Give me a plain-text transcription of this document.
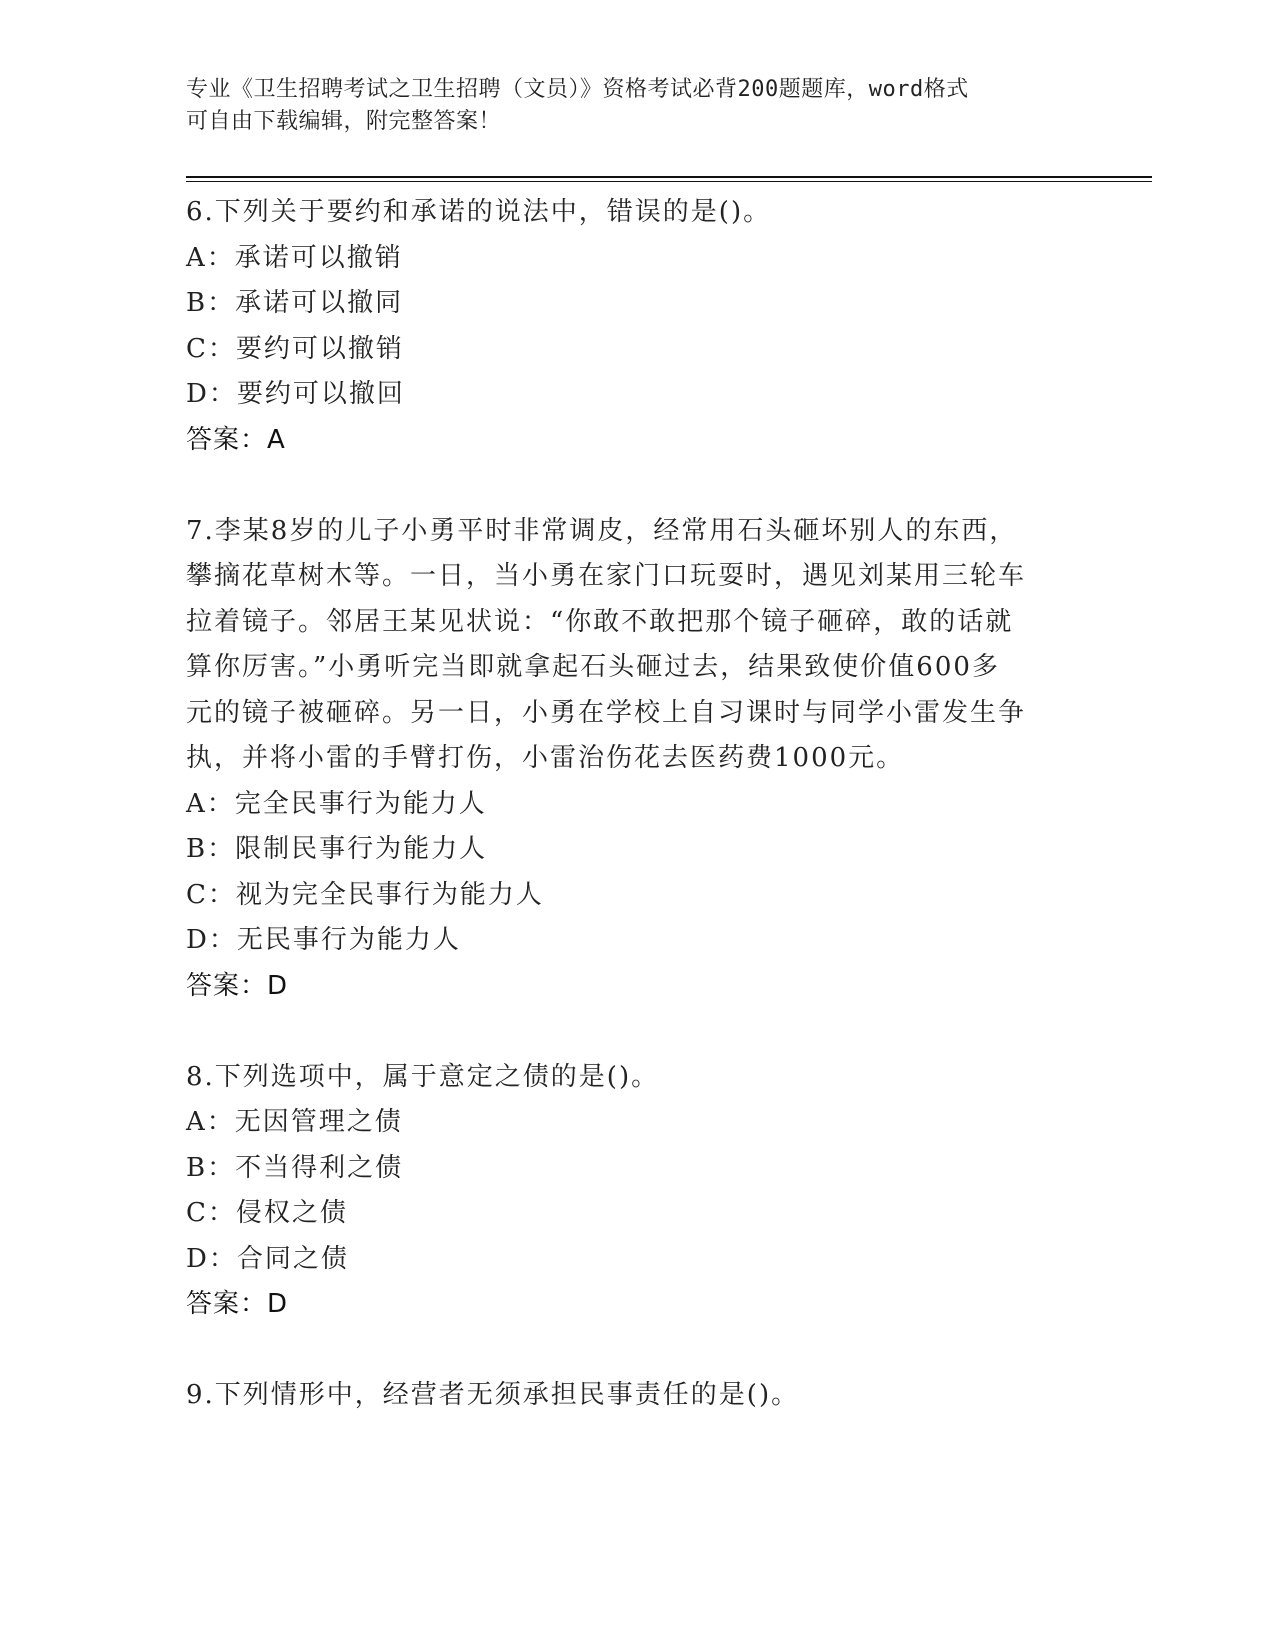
专业《卫生招聘考试之卫生招聘（文员）》资格考试必背200题题库，word格式
可自由下载编辑，附完整答案！
6.下列关于要约和承诺的说法中，错误的是()。
A：承诺可以撤销
B：承诺可以撤同
C：要约可以撤销
D：要约可以撤回
答案：A
7.李某8岁的儿子小勇平时非常调皮，经常用石头砸坏别人的东西，
攀摘花草树木等。一日，当小勇在家门口玩耍时，遇见刘某用三轮车
拉着镜子。邻居王某见状说：“你敢不敢把那个镜子砸碎，敢的话就
算你厉害。”小勇听完当即就拿起石头砸过去，结果致使价值600多
元的镜子被砸碎。另一日，小勇在学校上自习课时与同学小雷发生争
执，并将小雷的手臂打伤，小雷治伤花去医药费1000元。
A：完全民事行为能力人
B：限制民事行为能力人
C：视为完全民事行为能力人
D：无民事行为能力人
答案：D
8.下列选项中，属于意定之债的是()。
A：无因管理之债
B：不当得利之债
C：侵权之债
D：合同之债
答案：D
9.下列情形中，经营者无须承担民事责任的是()。
